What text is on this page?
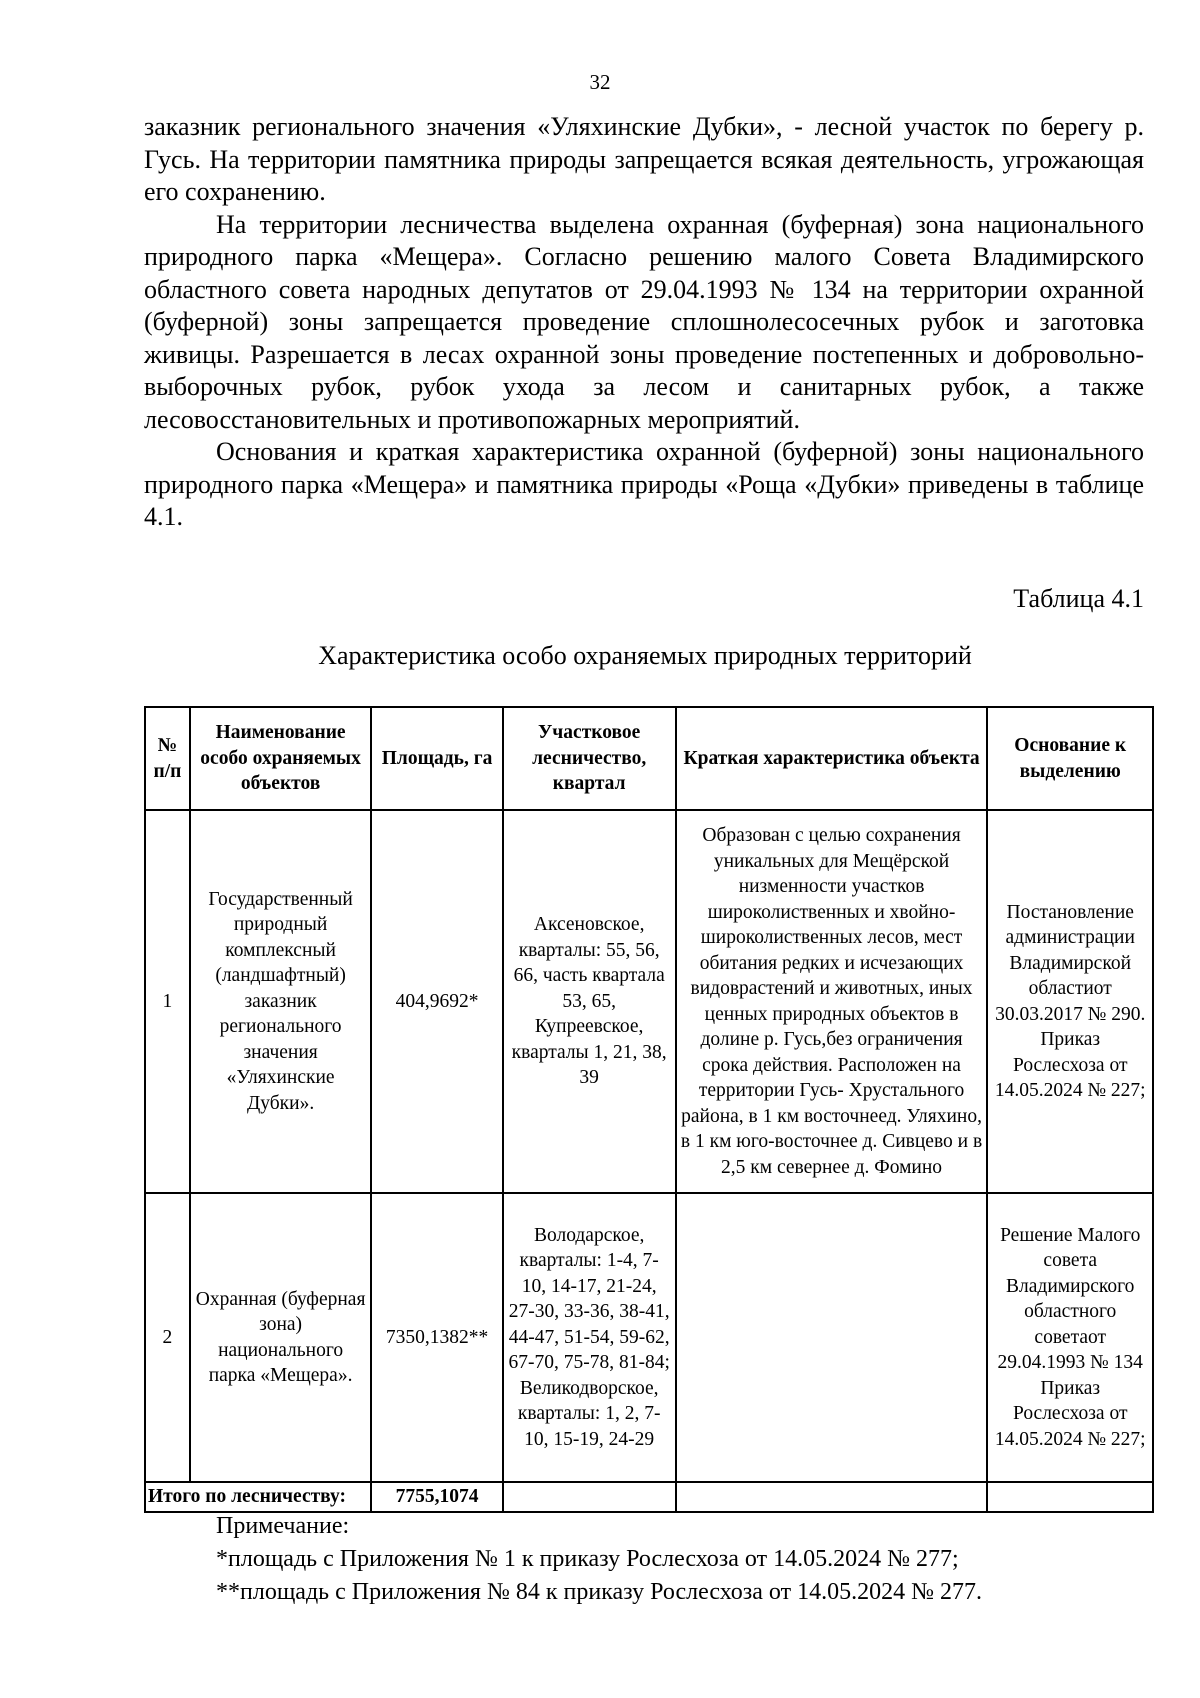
32

заказник регионального значения «Уляхинские Дубки», - лесной участок по берегу р. Гусь. На территории памятника природы запрещается всякая деятельность, угрожающая его сохранению.

На территории лесничества выделена охранная (буферная) зона национального природного парка «Мещера». Согласно решению малого Совета Владимирского областного совета народных депутатов от 29.04.1993 № 134 на территории охранной (буферной) зоны запрещается проведение сплошнолесосечных рубок и заготовка живицы. Разрешается в лесах охранной зоны проведение постепенных и добровольно-выборочных рубок, рубок ухода за лесом и санитарных рубок, а также лесовосстановительных и противопожарных мероприятий.

Основания и краткая характеристика охранной (буферной) зоны национального природного парка «Мещера» и памятника природы «Роща «Дубки» приведены в таблице 4.1.

Таблица 4.1
Характеристика особо охраняемых природных территорий
№ п/п	Наименование особо охраняемых объектов	Площадь, га	Участковое лесничество, квартал	Краткая характеристика объекта	Основание к выделению
1	Государственный природный комплексный (ландшафтный) заказник регионального значения «Уляхинские Дубки».	404,9692*	Аксеновское, кварталы: 55, 56, 66, часть квартала 53, 65, Купреевское, кварталы 1, 21, 38, 39	Образован с целью сохранения уникальных для Мещёрской низменности участков широколиственных и хвойно-широколиственных лесов, мест обитания редких и исчезающих видоврастений и животных, иных ценных природных объектов в долине р. Гусь,без ограничения срока действия. Расположен на территории Гусь- Хрустального района, в 1 км восточнеед. Уляхино, в 1 км юго-восточнее д. Сивцево и в 2,5 км севернее д. Фомино	Постановление администрации Владимирской областиот 30.03.2017 № 290. Приказ Рослесхоза от 14.05.2024 № 227;
2	Охранная (буферная зона) национального парка «Мещера».	7350,1382**	Володарское, кварталы: 1-4, 7-10, 14-17, 21-24, 27-30, 33-36, 38-41, 44-47, 51-54, 59-62, 67-70, 75-78, 81-84; Великодворское, кварталы: 1, 2, 7-10, 15-19, 24-29		Решение Малого совета Владимирского областного советаот 29.04.1993 № 134 Приказ Рослесхоза от 14.05.2024 № 227;
Итого по лесничеству:		7755,1074			
Примечание:
*площадь с Приложения № 1 к приказу Рослесхоза от 14.05.2024 № 277;
**площадь с Приложения № 84 к приказу Рослесхоза от 14.05.2024 № 277.
